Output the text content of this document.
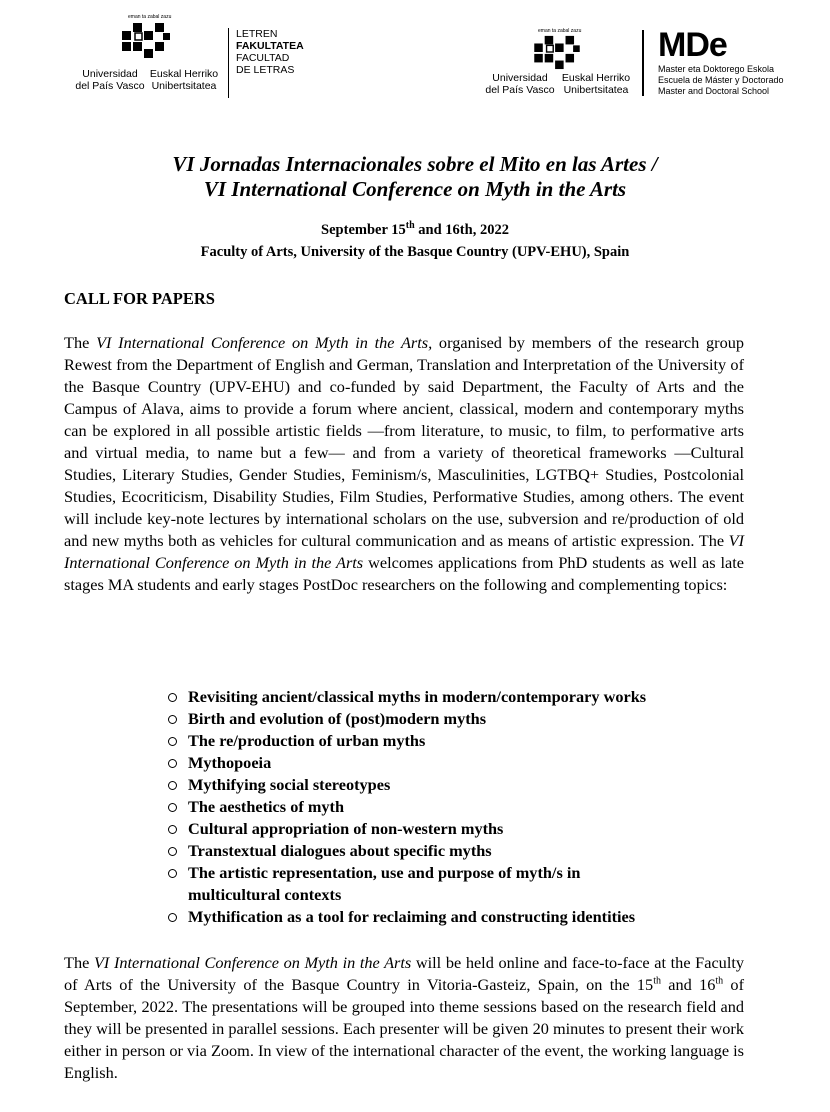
eman ta zabal zazu
Universidad
del País Vasco
Euskal Herriko
Unibertsitatea
LETREN
FAKULTATEA
FACULTAD
DE LETRAS
eman ta zabal zazu
Universidad
del País Vasco
Euskal Herriko
Unibertsitatea
MDe
Master eta Doktorego Eskola
Escuela de Máster y Doctorado
Master and Doctoral School
VI Jornadas Internacionales sobre el Mito en las Artes /
VI International Conference on Myth in the Arts
September 15th and 16th, 2022
Faculty of Arts, University of the Basque Country (UPV-EHU), Spain
CALL FOR PAPERS
The VI International Conference on Myth in the Arts, organised by members of the research group Rewest from the Department of English and German, Translation and Interpretation of the University of the Basque Country (UPV-EHU) and co-funded by said Department, the Faculty of Arts and the Campus of Alava, aims to provide a forum where ancient, classical, modern and contemporary myths can be explored in all possible artistic fields —from literature, to music, to film, to performative arts and virtual media, to name but a few— and from a variety of theoretical frameworks —Cultural Studies, Literary Studies, Gender Studies, Feminism/s, Masculinities, LGTBQ+ Studies, Postcolonial Studies, Ecocriticism, Disability Studies, Film Studies, Performative Studies, among others. The event will include key-note lectures by international scholars on the use, subversion and re/production of old and new myths both as vehicles for cultural communication and as means of artistic expression. The VI International Conference on Myth in the Arts welcomes applications from PhD students as well as late stages MA students and early stages PostDoc researchers on the following and complementing topics:
Revisiting ancient/classical myths in modern/contemporary works
Birth and evolution of (post)modern myths
The re/production of urban myths
Mythopoeia
Mythifying social stereotypes
The aesthetics of myth
Cultural appropriation of non-western myths
Transtextual dialogues about specific myths
The artistic representation, use and purpose of myth/s in multicultural contexts
Mythification as a tool for reclaiming and constructing identities
The VI International Conference on Myth in the Arts will be held online and face-to-face at the Faculty of Arts of the University of the Basque Country in Vitoria-Gasteiz, Spain, on the 15th and 16th of September, 2022. The presentations will be grouped into theme sessions based on the research field and they will be presented in parallel sessions. Each presenter will be given 20 minutes to present their work either in person or via Zoom. In view of the international character of the event, the working language is English.
